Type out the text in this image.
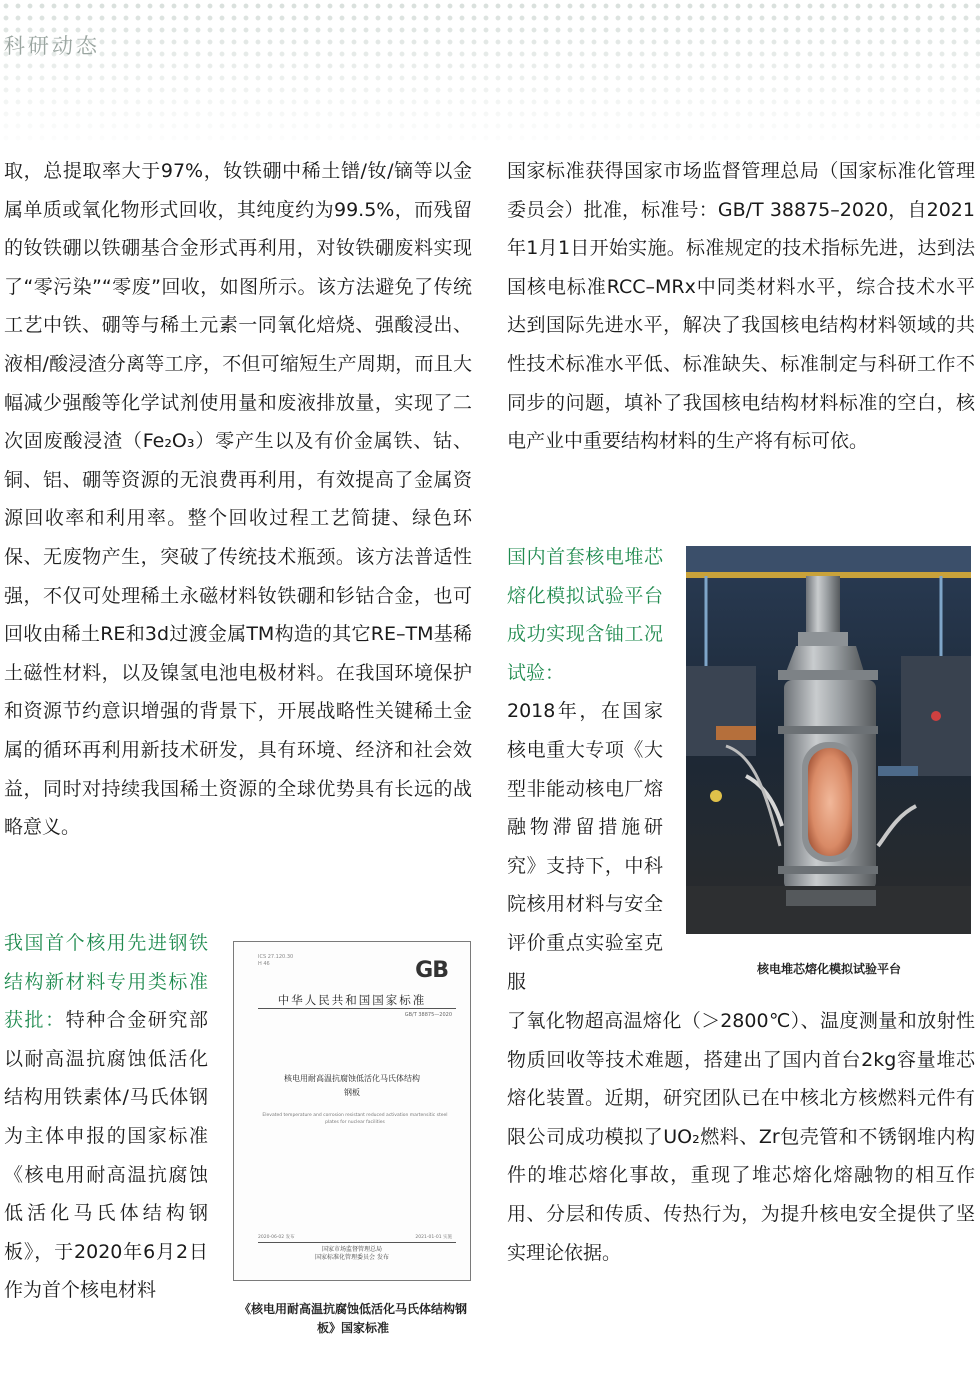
科研动态

取，总提取率大于97%，钕铁硼中稀土镨/钕/镝等以金属单质或氧化物形式回收，其纯度约为99.5%，而残留的钕铁硼以铁硼基合金形式再利用，对钕铁硼废料实现了“零污染”“零废”回收，如图所示。该方法避免了传统工艺中铁、硼等与稀土元素一同氧化焙烧、强酸浸出、液相/酸浸渣分离等工序，不但可缩短生产周期，而且大幅减少强酸等化学试剂使用量和废液排放量，实现了二次固废酸浸渣（Fe₂O₃）零产生以及有价金属铁、钴、铜、铝、硼等资源的无浪费再利用，有效提高了金属资源回收率和利用率。整个回收过程工艺简捷、绿色环保、无废物产生，突破了传统技术瓶颈。该方法普适性强，不仅可处理稀土永磁材料钕铁硼和钐钴合金，也可回收由稀土RE和3d过渡金属TM构造的其它RE–TM基稀土磁性材料，以及镍氢电池电极材料。在我国环境保护和资源节约意识增强的背景下，开展战略性关键稀土金属的循环再利用新技术研发，具有环境、经济和社会效益，同时对持续我国稀土资源的全球优势具有长远的战略意义。

我国首个核用先进钢铁结构新材料专用类标准获批：特种合金研究部以耐高温抗腐蚀低活化结构用铁素体/马氏体钢为主体申报的国家标准《核电用耐高温抗腐蚀低活化马氏体结构钢板》，于2020年6月2日作为首个核电材料

ICS 27.120.30
H 46	GB
中华人民共和国国家标准
GB/T 38875—2020
核电用耐高温抗腐蚀低活化马氏体结构钢板
Elevated temperature and corrosion resistant reduced activation martensitic steel plates for nuclear facilities
2020-06-02 发布	2021-01-01 实施
国家市场监督管理总局
国家标准化管理委员会 发布
《核电用耐高温抗腐蚀低活化马氏体结构钢板》国家标准

国家标准获得国家市场监督管理总局（国家标准化管理委员会）批准，标准号：GB/T 38875–2020，自2021年1月1日开始实施。标准规定的技术指标先进，达到法国核电标准RCC–MRx中同类材料水平，综合技术水平达到国际先进水平，解决了我国核电结构材料领域的共性技术标准水平低、标准缺失、标准制定与科研工作不同步的问题，填补了我国核电结构材料标准的空白，核电产业中重要结构材料的生产将有标可依。

国内首套核电堆芯熔化模拟试验平台成功实现含铀工况试验：

2018年，在国家核电重大专项《大型非能动核电厂熔融物滞留措施研究》支持下，中科院核用材料与安全评价重点实验室克服

了氧化物超高温熔化（＞2800℃）、温度测量和放射性物质回收等技术难题，搭建出了国内首台2kg容量堆芯熔化装置。近期，研究团队已在中核北方核燃料元件有限公司成功模拟了UO₂燃料、Zr包壳管和不锈钢堆内构件的堆芯熔化事故，重现了堆芯熔化熔融物的相互作用、分层和传质、传热行为，为提升核电安全提供了坚实理论依据。

核电堆芯熔化模拟试验平台
